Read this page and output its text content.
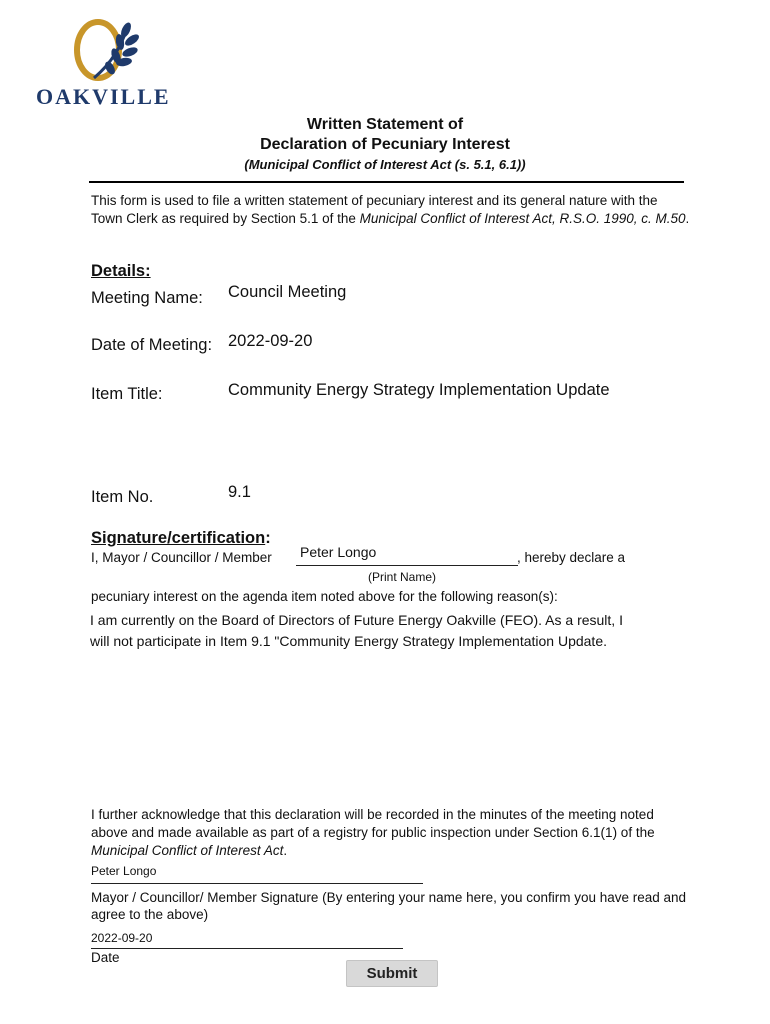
OAKVILLE
Written Statement of
Declaration of Pecuniary Interest
(Municipal Conflict of Interest Act (s. 5.1, 6.1))
This form is used to file a written statement of pecuniary interest and its general nature with the Town Clerk as required by Section 5.1 of the Municipal Conflict of Interest Act, R.S.O. 1990, c. M.50.
Details:
Meeting Name: Council Meeting
Date of Meeting: 2022-09-20
Item Title:	Community Energy Strategy Implementation Update
Item No.	9.1
Signature/certification:
I, Mayor / Councillor / Member Peter Longo	, hereby declare a
(Print Name)
pecuniary interest on the agenda item noted above for the following reason(s):
I am currently on the Board of Directors of Future Energy Oakville (FEO). As a result, I
will not participate in Item 9.1 "Community Energy Strategy Implementation Update.
I further acknowledge that this declaration will be recorded in the minutes of the meeting noted above and made available as part of a registry for public inspection under Section 6.1(1) of the Municipal Conflict of Interest Act.
Peter Longo
Mayor / Councillor/ Member Signature (By entering your name here, you confirm you have read and agree to the above)
2022-09-20
Date
Submit
